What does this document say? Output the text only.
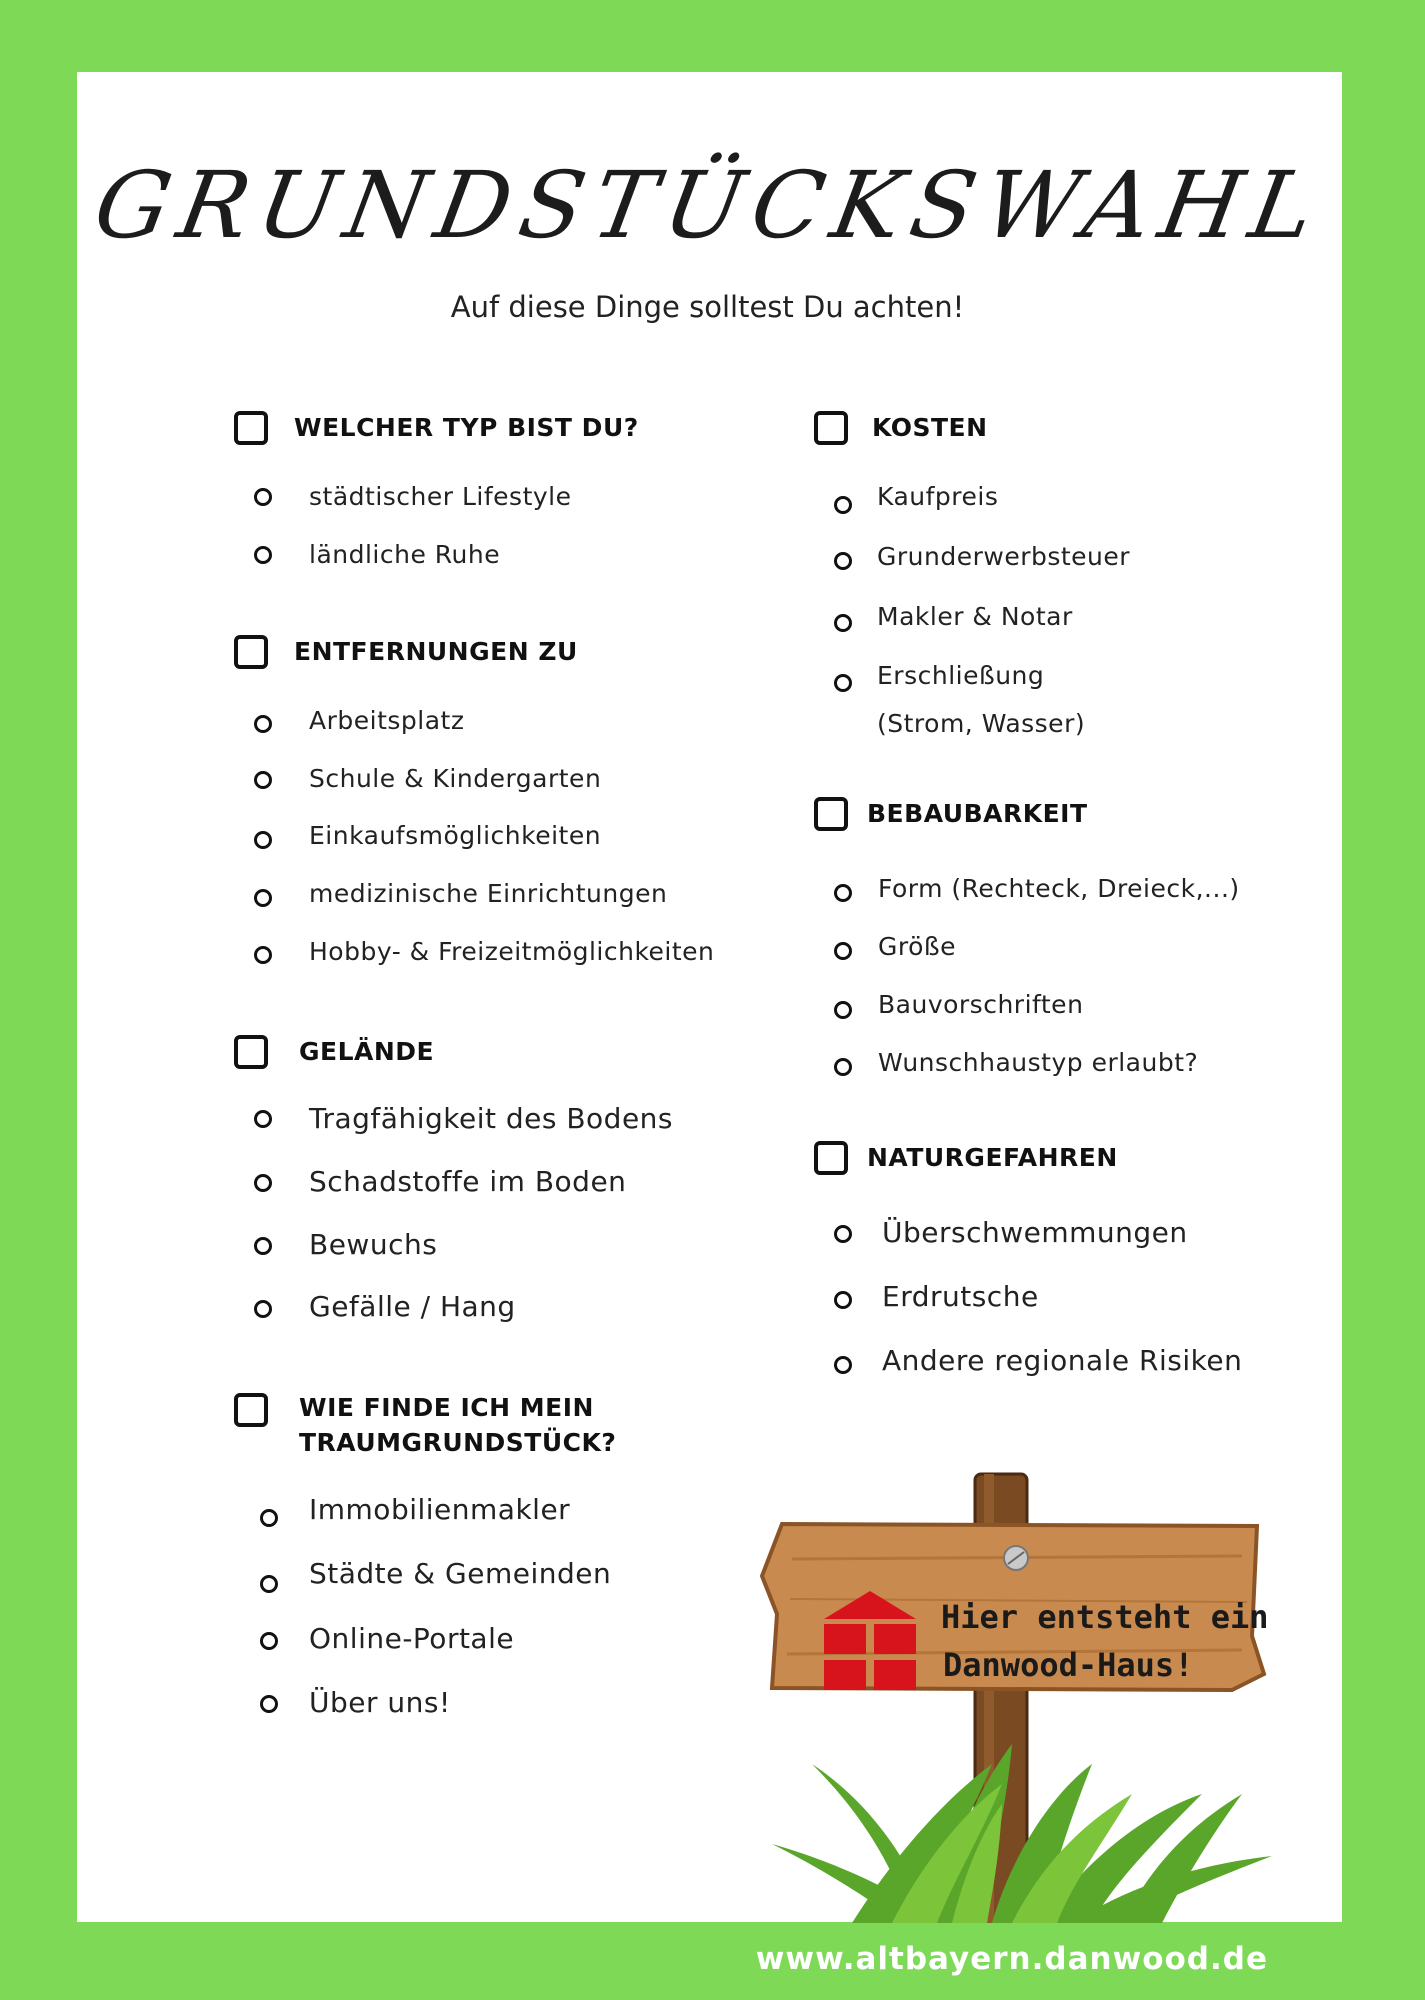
GRUNDSTÜCKSWAHL
Auf diese Dinge solltest Du achten!
WELCHER TYP BIST DU?
städtischer Lifestyle
ländliche Ruhe
ENTFERNUNGEN ZU
Arbeitsplatz
Schule & Kindergarten
Einkaufsmöglichkeiten
medizinische Einrichtungen
Hobby- & Freizeitmöglichkeiten
GELÄNDE
Tragfähigkeit des Bodens
Schadstoffe im Boden
Bewuchs
Gefälle / Hang
WIE FINDE ICH MEIN
TRAUMGRUNDSTÜCK?
Immobilienmakler
Städte & Gemeinden
Online-Portale
Über uns!
KOSTEN
Kaufpreis
Grunderwerbsteuer
Makler & Notar
Erschließung
(Strom, Wasser)
BEBAUBARKEIT
Form (Rechteck, Dreieck,...)
Größe
Bauvorschriften
Wunschhaustyp erlaubt?
NATURGEFAHREN
Überschwemmungen
Erdrutsche
Andere regionale Risiken
Hier entsteht ein
Danwood-Haus!
www.altbayern.danwood.de
